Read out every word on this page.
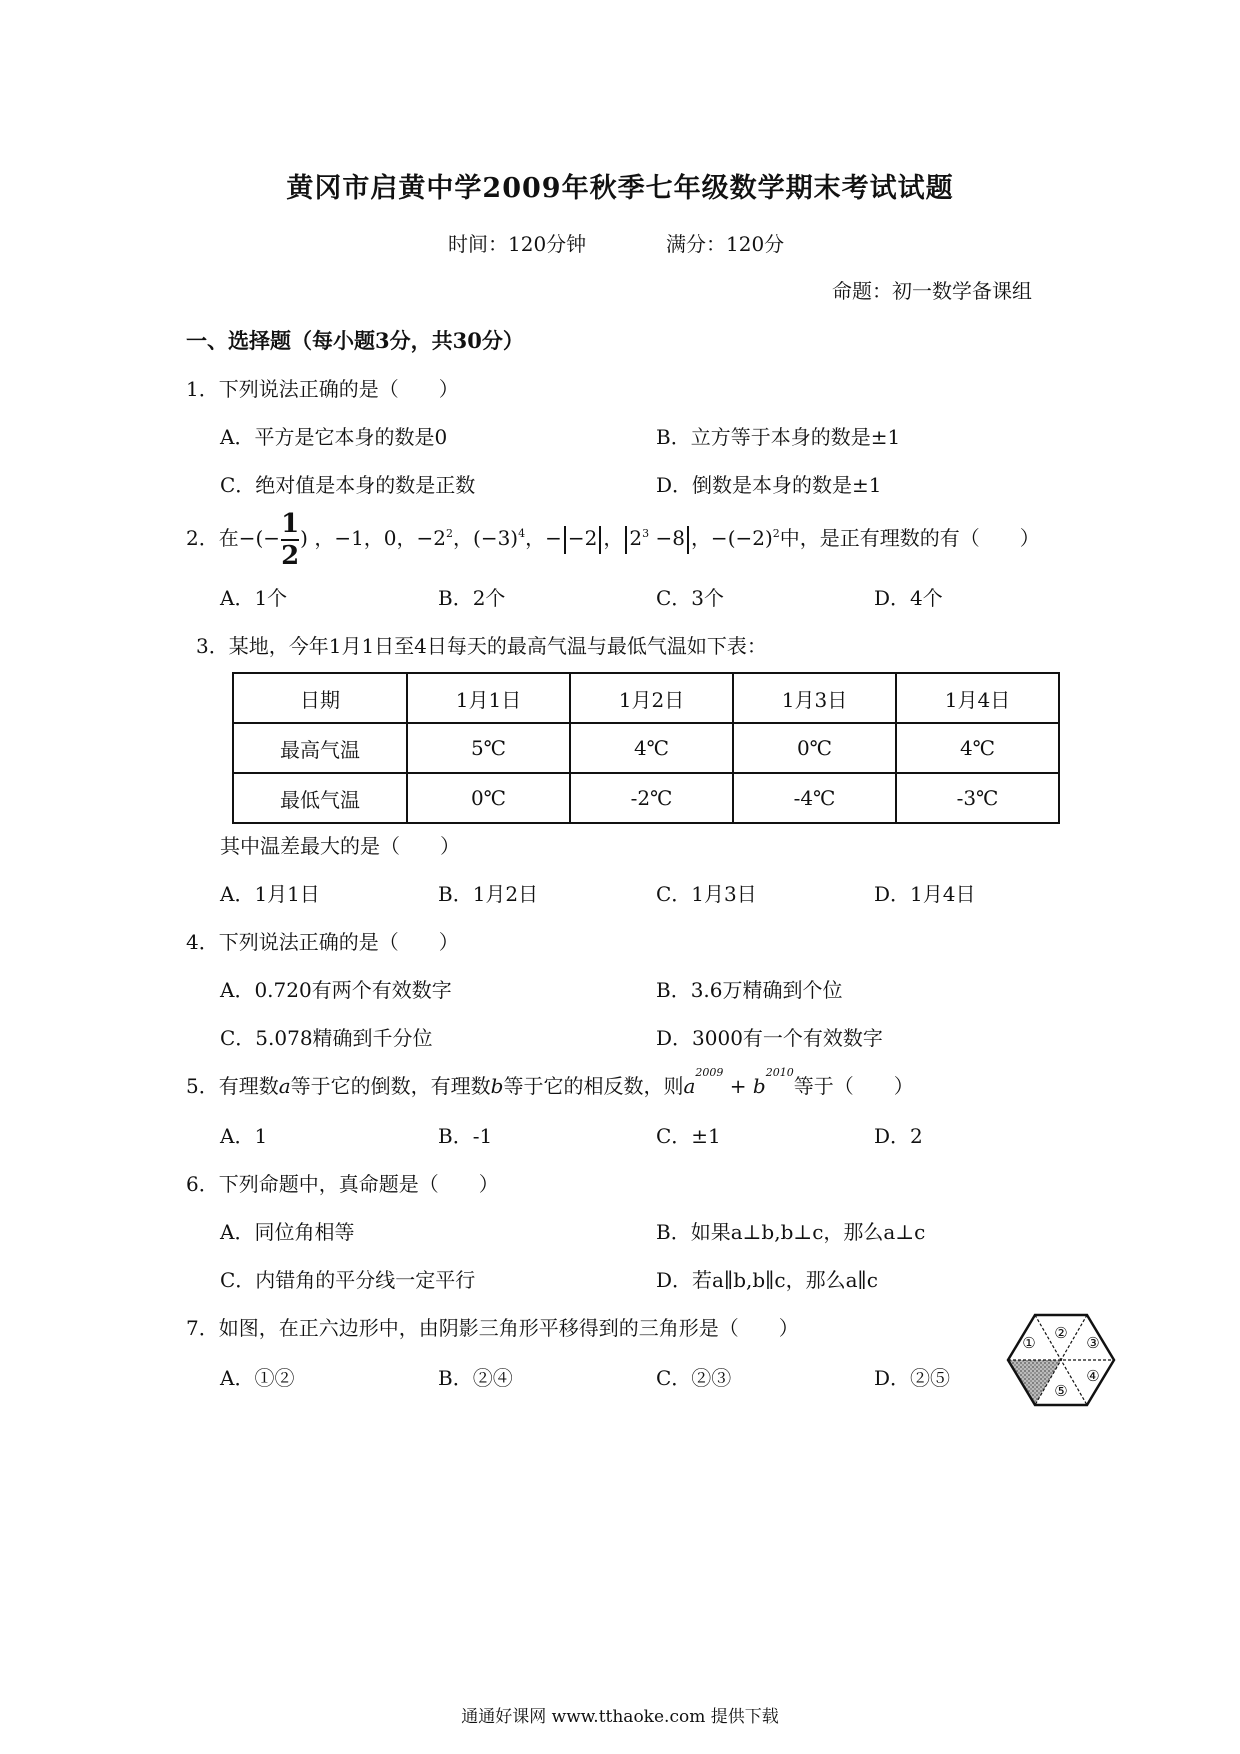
黄冈市启黄中学2009年秋季七年级数学期末考试试题
时间：120分钟	满分：120分
命题：初一数学备课组
一、选择题（每小题3分，共30分）
1．下列说法正确的是（　　）
A．平方是它本身的数是0	B．立方等于本身的数是±1
C．绝对值是本身的数是正数	D．倒数是本身的数是±1
2．在−(− $\frac{1}{2}$ ) ，−1，0，$-2^2$，$(-3)^4$，− −2 ， $2^3 -8$ ，$-(-2)^2$中，是正有理数的有（　　）
A．1个	B．2个	C．3个	D．4个
3．某地，今年1月1日至4日每天的最高气温与最低气温如下表：
日期	1月1日	1月2日	1月3日	1月4日
最高气温	5℃	4℃	0℃	4℃
最低气温	0℃	-2℃	-4℃	-3℃
其中温差最大的是（　　）
A．1月1日	B．1月2日	C．1月3日	D．1月4日
4．下列说法正确的是（　　）
A．0.720有两个有效数字	B．3.6万精确到个位
C．5.078精确到千分位	D．3000有一个有效数字
5．有理数a等于它的倒数，有理数b等于它的相反数，则$a^{2009} + b^{2010}$等于（　　）
A．1	B．-1	C．±1	D．2
6．下列命题中，真命题是（　　）
A．同位角相等	B．如果a⊥b,b⊥c，那么a⊥c
C．内错角的平分线一定平行	D．若a∥b,b∥c，那么a∥c
7．如图，在正六边形中，由阴影三角形平移得到的三角形是（　　）
A．①②	B．②④	C．②③	D．②⑤
①
②
③
④
⑤
通通好课网 www.tthaoke.com 提供下载
